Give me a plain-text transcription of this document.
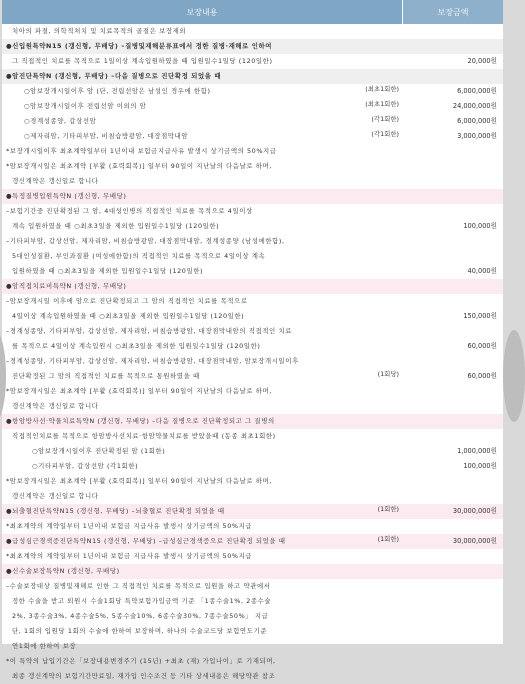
보장내용	보장금액
치아의 파절, 의학적처치 및 치료목적의 골절은 보장제외
●신입원특약N15 (갱신형, 무배당) –질병및재해분류표에서 정한 질병·재해로 인하여
그 직접적인 치료를 목적으로 1일이상 계속입원하였을 때 입원일수1일당 (120일한)	20,000원
●암진단특약N (갱신형, 무배당) –다음 질병으로 진단확정 되었을 때
○암보장개시일이후 암 (단, 전립선암은 남성인 경우에 한함)	(최초1회한)	6,000,000원
○암보장개시일이후 전립선암 이외의 암	(최초1회한)	24,000,000원
○경계성종양, 갑상선암	(각1회한)	6,000,000원
○제자리암, 기타피부암, 비침습방광암, 대장점막내암	(각1회한)	3,000,000원
*보장개시일이후 최초계약일부터 1년이내 보험금지급사유 발생시 상기금액의 50%지급
*암보장개시일은 최초계약 [부활 (효력회복)] 일부터 90일이 지난날의 다음날로 하며,
갱신계약은 갱신일로 합니다
●특정질병입원특약N (갱신형, 무배당)
–보험기간중 진단확정된 그 암, 4대성인병의 직접적인 치료를 목적으로 4일이상
계속 입원하였을 때 ○최초3일을 제외한 입원일수1일당 (120일한)	100,000원
–기타피부암, 갑상선암, 제자리암, 비침습방광암, 대장점막내암, 경계성종양 (남성에한함),
5대인성질환, 부인과질환 (여성에한함)의 직접적인 치료를 목적으로 4일이상 계속
입원하였을 때 ○최초3일을 제외한 입원일수1일당 (120일한)	40,000원
●암직접치료비특약N (갱신형, 무배당)
–암보장개시일 이후에 암으로 진단확정되고 그 암의 직접적인 치료를 목적으로
4일이상 계속입원하였을 때 ○최초3일을 제외한 입원일수1일당 (120일한)	150,000원
–경계성종양, 기타피부암, 갑상선암, 제자리암, 비침습방광암, 대장점막내암의 직접적인 치료
를 목적으로 4일이상 계속입원시 ○최초3일을 제외한 입원일수1일당 (120일한)	60,000원
–경계성종양, 기타피부암, 갑상선암, 제자리암, 비침습방광암, 대장점막내암, 암보장개시일이후
진단확정된 그 암의 직접적인 치료를 목적으로 통원하였을 때	(1회당)	60,000원
*암보장개시일은 최초계약 [부활 (효력회복)] 일부터 90일이 지난날의 다음날로 하며,
갱신계약은 갱신일로 합니다
●항암방사선·약물치료특약N (갱신형, 무배당) –다음 질병으로 진단확정되고 그 질병의
직접적인치료를 목적으로 항암방사선치료·항암약물치료를 받았을때 (동종 최초1회한)
○암보장개시일이후 진단확정된 암 (1회한)	1,000,000원
○기타피부암, 갑상선암 (각1회한)	100,000원
*암보장개시일은 최초계약 [부활 (효력회복)] 일부터 90일이 지난날의 다음날로 하며,
갱신계약은 갱신일로 합니다
●뇌출혈진단특약N15 (갱신형, 무배당) –뇌출혈로 진단확정 되었을 때	(1회한)	30,000,000원
*최초계약의 계약일부터 1년이내 보험금 지급사유 발생시 상기금액의 50%지급
●급성심근경색증진단특약N15 (갱신형, 무배당) –급성심근경색증으로 진단확정 되었을 때	(1회한)	30,000,000원
*최초계약의 계약일부터 1년이내 보험금 지급사유 발생시 상기금액의 50%지급
●신수술보장특약N (갱신형, 무배당)
–수술보장대상 질병및재해로 인한 그 직접적인 치료를 목적으로 입원을 하고 약관에서
정한 수술을 받고 퇴원시 수술1회당 특약보험가입금액 기준 「1종수술1%, 2종수술
2%, 3종수술3%, 4종수술5%, 5종수술10%, 6종수술30%, 7종수술50%」 지급
단, 1회의 입원당 1회의 수술에 한하여 보장하며, 하나의 수술코드당 보험연도기준
연1회에 한하여 보장
*이 특약의 납입기간은「보장내용변경주기 (15년) +최초 (재) 가입나이」로 기재되며,
최종 갱신계약의 보험기간만료일, 재가입 인수조건 등 기타 상세내용은 해당약관 참조
